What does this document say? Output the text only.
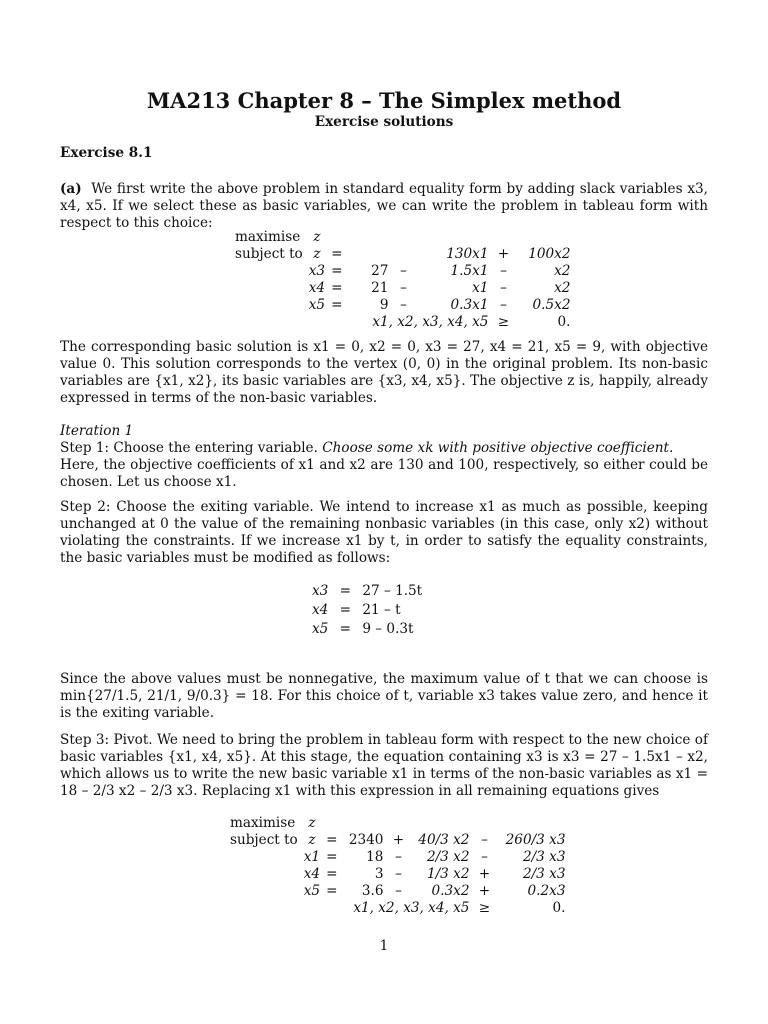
MA213 Chapter 8 – The Simplex method
Exercise solutions
Exercise 8.1
(a) We first write the above problem in standard equality form by adding slack variables x3, x4, x5. If we select these as basic variables, we can write the problem in tableau form with respect to this choice:
maximise	z						
subject to	z	=			130x1	+	100x2
	x3	=	27	–	1.5x1	–	x2
	x4	=	21	–	x1	–	x2
	x5	=	9	–	0.3x1	–	0.5x2
			x1, x2, x3, x4, x5			≥	0.
The corresponding basic solution is x1 = 0, x2 = 0, x3 = 27, x4 = 21, x5 = 9, with objective value 0. This solution corresponds to the vertex (0, 0) in the original problem. Its non-basic variables are {x1, x2}, its basic variables are {x3, x4, x5}. The objective z is, happily, already expressed in terms of the non-basic variables.
Iteration 1
Step 1: Choose the entering variable. Choose some xk with positive objective coefficient.
Here, the objective coefficients of x1 and x2 are 130 and 100, respectively, so either could be chosen. Let us choose x1.
Step 2: Choose the exiting variable. We intend to increase x1 as much as possible, keeping unchanged at 0 the value of the remaining nonbasic variables (in this case, only x2) without violating the constraints. If we increase x1 by t, in order to satisfy the equality constraints, the basic variables must be modified as follows:
x3	=	27 – 1.5t
x4	=	21 – t
x5	=	9 – 0.3t
Since the above values must be nonnegative, the maximum value of t that we can choose is min{27/1.5, 21/1, 9/0.3} = 18. For this choice of t, variable x3 takes value zero, and hence it is the exiting variable.
Step 3: Pivot. We need to bring the problem in tableau form with respect to the new choice of basic variables {x1, x4, x5}. At this stage, the equation containing x3 is x3 = 27 – 1.5x1 – x2, which allows us to write the new basic variable x1 in terms of the non-basic variables as x1 = 18 – 2/3 x2 – 2/3 x3. Replacing x1 with this expression in all remaining equations gives
maximise	z						
subject to	z	=	2340	+	40/3 x2	–	260/3 x3
	x1	=	18	–	2/3 x2	–	2/3 x3
	x4	=	3	–	1/3 x2	+	2/3 x3
	x5	=	3.6	–	0.3x2	+	0.2x3
			x1, x2, x3, x4, x5			≥	0.
1
